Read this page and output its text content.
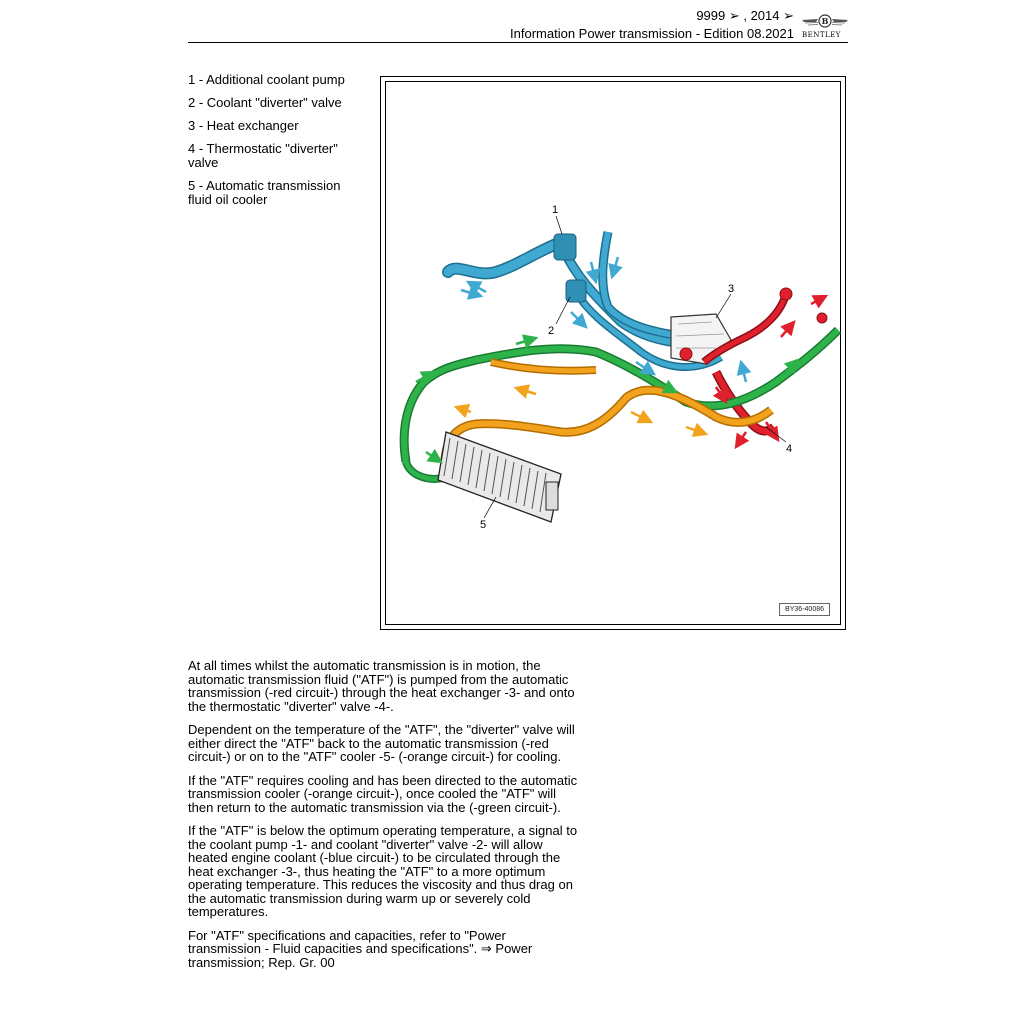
9999 ➢ , 2014 ➢
Information Power transmission - Edition 08.2021
B
BENTLEY
1 - Additional coolant pump
2 - Coolant "diverter" valve
3 - Heat exchanger
4 - Thermostatic "diverter" valve
5 - Automatic transmission fluid oil cooler
1
2
3
4
5
BY36-40086

At all times whilst the automatic transmission is in motion, the automatic transmission fluid ("ATF") is pumped from the automatic transmission (-red circuit-) through the heat exchanger -3- and onto the thermostatic "diverter" valve -4-.

Dependent on the temperature of the "ATF", the "diverter" valve will either direct the "ATF" back to the automatic transmission (-red circuit-) or on to the "ATF" cooler -5- (-orange circuit-) for cooling.

If the "ATF" requires cooling and has been directed to the automatic transmission cooler (-orange circuit-), once cooled the "ATF" will then return to the automatic transmission via the (-green circuit-).

If the "ATF" is below the optimum operating temperature, a signal to the coolant pump -1- and coolant "diverter" valve -2- will allow heated engine coolant (-blue circuit-) to be circulated through the heat exchanger -3-, thus heating the "ATF" to a more optimum operating temperature. This reduces the viscosity and thus drag on the automatic transmission during warm up or severely cold temperatures.

For "ATF" specifications and capacities, refer to "Power transmission - Fluid capacities and specifications". ⇒ Power transmission; Rep. Gr. 00
